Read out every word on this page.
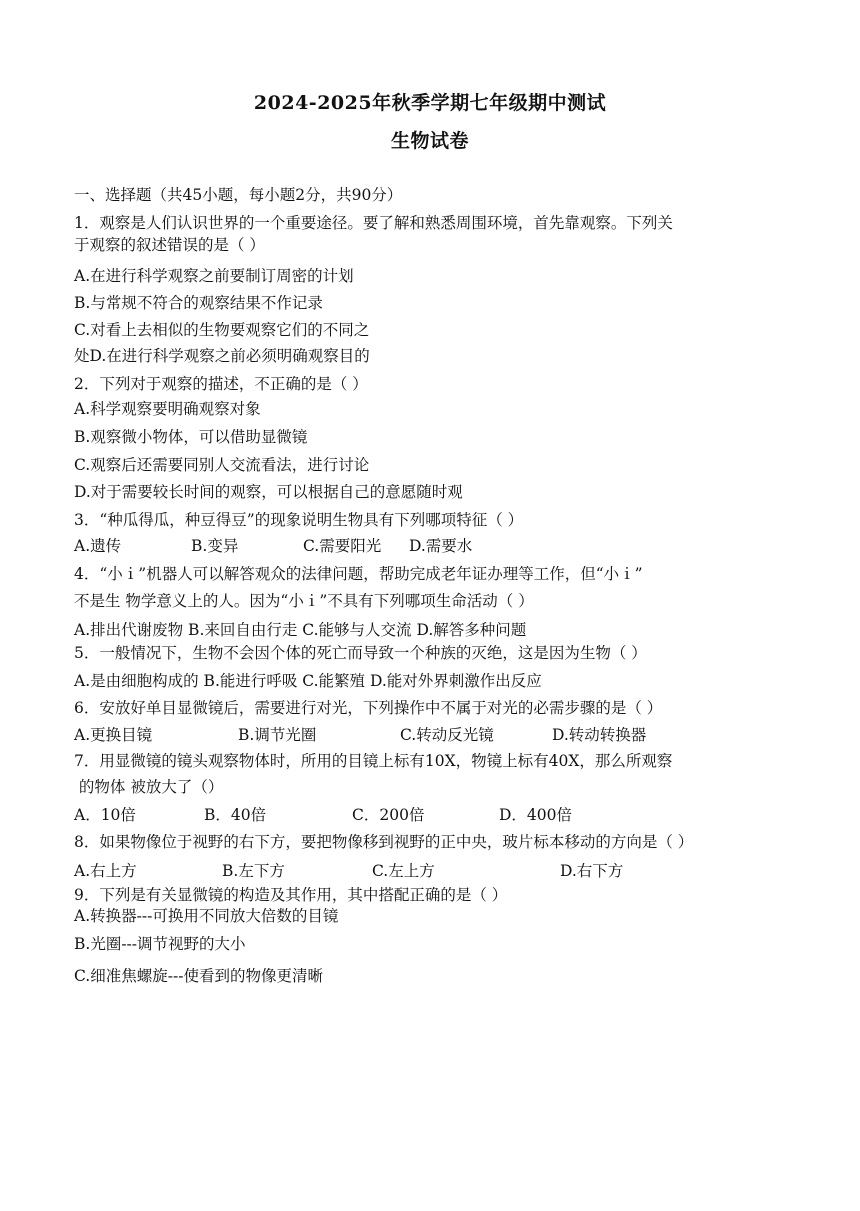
2024-2025年秋季学期七年级期中测试
生物试卷
一、选择题（共45小题，每小题2分，共90分）
1．观察是人们认识世界的一个重要途径。要了解和熟悉周围环境，首先靠观察。下列关
于观察的叙述错误的是（ ）
A.在进行科学观察之前要制订周密的计划
B.与常规不符合的观察结果不作记录
C.对看上去相似的生物要观察它们的不同之
处D.在进行科学观察之前必须明确观察目的
2．下列对于观察的描述，不正确的是（ ）
A.科学观察要明确观察对象
B.观察微小物体，可以借助显微镜
C.观察后还需要同别人交流看法，进行讨论
D.对于需要较长时间的观察，可以根据自己的意愿随时观
3．“种瓜得瓜，种豆得豆”的现象说明生物具有下列哪项特征（ ）
A.遗传	B.变异	C.需要阳光	D.需要水
4．“小ｉ”机器人可以解答观众的法律问题，帮助完成老年证办理等工作，但“小ｉ”
不是生 物学意义上的人。因为“小ｉ”不具有下列哪项生命活动（ ）
A.排出代谢废物 B.来回自由行走 C.能够与人交流 D.解答多种问题
5．一般情况下，生物不会因个体的死亡而导致一个种族的灭绝，这是因为生物（ ）
A.是由细胞构成的 B.能进行呼吸 C.能繁殖 D.能对外界刺激作出反应
6．安放好单目显微镜后，需要进行对光，下列操作中不属于对光的必需步骤的是（ ）
A.更换目镜	B.调节光圈	C.转动反光镜	D.转动转换器
7．用显微镜的镜头观察物体时，所用的目镜上标有10X，物镜上标有40X，那么所观察
的物体 被放大了（）
A．10倍	B．40倍	C．200倍	D．400倍
8．如果物像位于视野的右下方，要把物像移到视野的正中央，玻片标本移动的方向是（ ）
A.右上方	B.左下方	C.左上方	D.右下方
9．下列是有关显微镜的构造及其作用，其中搭配正确的是（ ）
A.转换器---可换用不同放大倍数的目镜
B.光圈---调节视野的大小
C.细准焦螺旋---使看到的物像更清晰
